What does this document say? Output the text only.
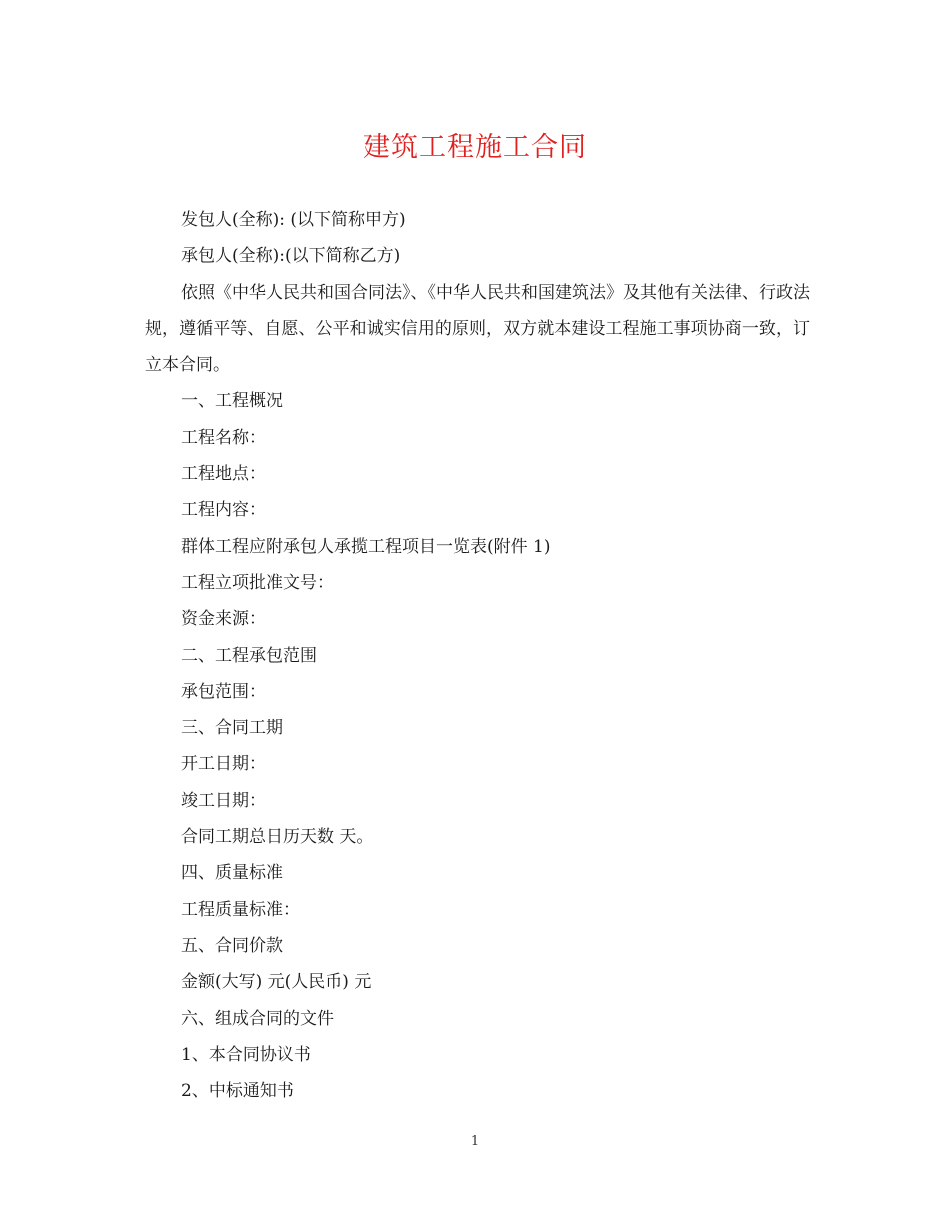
建筑工程施工合同
发包人(全称): (以下简称甲方)
承包人(全称):(以下简称乙方)
依照《中华人民共和国合同法》、《中华人民共和国建筑法》及其他有关法律、行政法 规，遵循平等、自愿、公平和诚实信用的原则，双方就本建设工程施工事项协商一致，订立本合同。
一、工程概况
工程名称：
工程地点：
工程内容：
群体工程应附承包人承揽工程项目一览表(附件 1)
工程立项批准文号：
资金来源：
二、工程承包范围
承包范围：
三、合同工期
开工日期：
竣工日期：
合同工期总日历天数 天。
四、质量标准
工程质量标准：
五、合同价款
金额(大写) 元(人民币) 元
六、组成合同的文件
1、本合同协议书
2、中标通知书
1
